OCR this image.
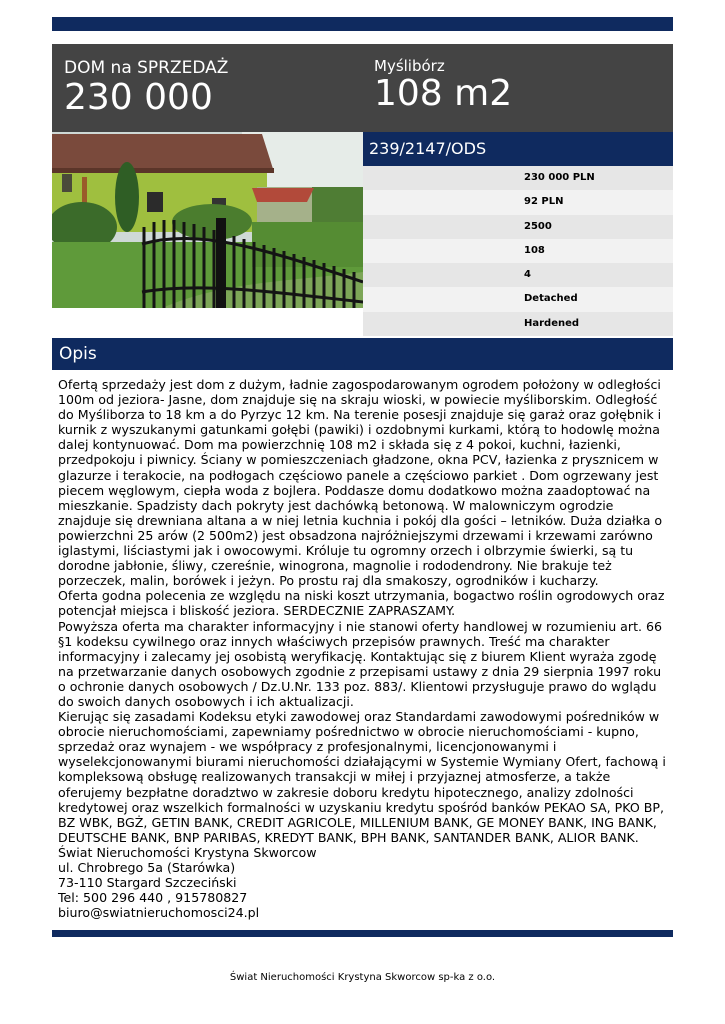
DOM na SPRZEDAŻ
230 000
Myślibórz
108 m2
239/2147/ODS
230 000 PLN
92 PLN
2500
108
4
Detached
Hardened
Opis

Ofertą sprzedaży jest dom z dużym, ładnie zagospodarowanym ogrodem położony w odległości 100m od jeziora- Jasne, dom znajduje się na skraju wioski, w powiecie myśliborskim. Odległość do Myśliborza to 18 km a do Pyrzyc 12 km. Na terenie posesji znajduje się garaż oraz gołębnik i kurnik z wyszukanymi gatunkami gołębi (pawiki) i ozdobnymi kurkami, którą to hodowlę można dalej kontynuować. Dom ma powierzchnię 108 m2 i składa się z 4 pokoi, kuchni, łazienki, przedpokoju i piwnicy. Ściany w pomieszczeniach gładzone, okna PCV, łazienka z prysznicem w glazurze i terakocie, na podłogach częściowo panele a częściowo parkiet . Dom ogrzewany jest piecem węglowym, ciepła woda z bojlera. Poddasze domu dodatkowo można zaadoptować na mieszkanie. Spadzisty dach pokryty jest dachówką betonową. W malowniczym ogrodzie znajduje się drewniana altana a w niej letnia kuchnia i pokój dla gości – letników. Duża działka o powierzchni 25 arów (2 500m2) jest obsadzona najróżniejszymi drzewami i krzewami zarówno iglastymi, liściastymi jak i owocowymi. Króluje tu ogromny orzech i olbrzymie świerki, są tu dorodne jabłonie, śliwy, czereśnie, winogrona, magnolie i rododendrony. Nie brakuje też porzeczek, malin, borówek i jeżyn. Po prostu raj dla smakoszy, ogrodników i kucharzy.

Oferta godna polecenia ze względu na niski koszt utrzymania, bogactwo roślin ogrodowych oraz potencjał miejsca i bliskość jeziora. SERDECZNIE ZAPRASZAMY.

Powyższa oferta ma charakter informacyjny i nie stanowi oferty handlowej w rozumieniu art. 66 §1 kodeksu cywilnego oraz innych właściwych przepisów prawnych. Treść ma charakter informacyjny i zalecamy jej osobistą weryfikację. Kontaktując się z biurem Klient wyraża zgodę na przetwarzanie danych osobowych zgodnie z przepisami ustawy z dnia 29 sierpnia 1997 roku o ochronie danych osobowych / Dz.U.Nr. 133 poz. 883/. Klientowi przysługuje prawo do wglądu do swoich danych osobowych i ich aktualizacji.

Kierując się zasadami Kodeksu etyki zawodowej oraz Standardami zawodowymi pośredników w obrocie nieruchomościami, zapewniamy pośrednictwo w obrocie nieruchomościami - kupno, sprzedaż oraz wynajem - we współpracy z profesjonalnymi, licencjonowanymi i wyselekcjonowanymi biurami nieruchomości działającymi w Systemie Wymiany Ofert, fachową i kompleksową obsługę realizowanych transakcji w miłej i przyjaznej atmosferze, a także oferujemy bezpłatne doradztwo w zakresie doboru kredytu hipotecznego, analizy zdolności kredytowej oraz wszelkich formalności w uzyskaniu kredytu spośród banków PEKAO SA, PKO BP, BZ WBK, BGŻ, GETIN BANK, CREDIT AGRICOLE, MILLENIUM BANK, GE MONEY BANK, ING BANK, DEUTSCHE BANK, BNP PARIBAS, KREDYT BANK, BPH BANK, SANTANDER BANK, ALIOR BANK.

Świat Nieruchomości Krystyna Skworcow

ul. Chrobrego 5a (Starówka)

73-110 Stargard Szczeciński

Tel: 500 296 440 , 915780827

biuro@swiatnieruchomosci24.pl

Świat Nieruchomości Krystyna Skworcow sp-ka z o.o.
